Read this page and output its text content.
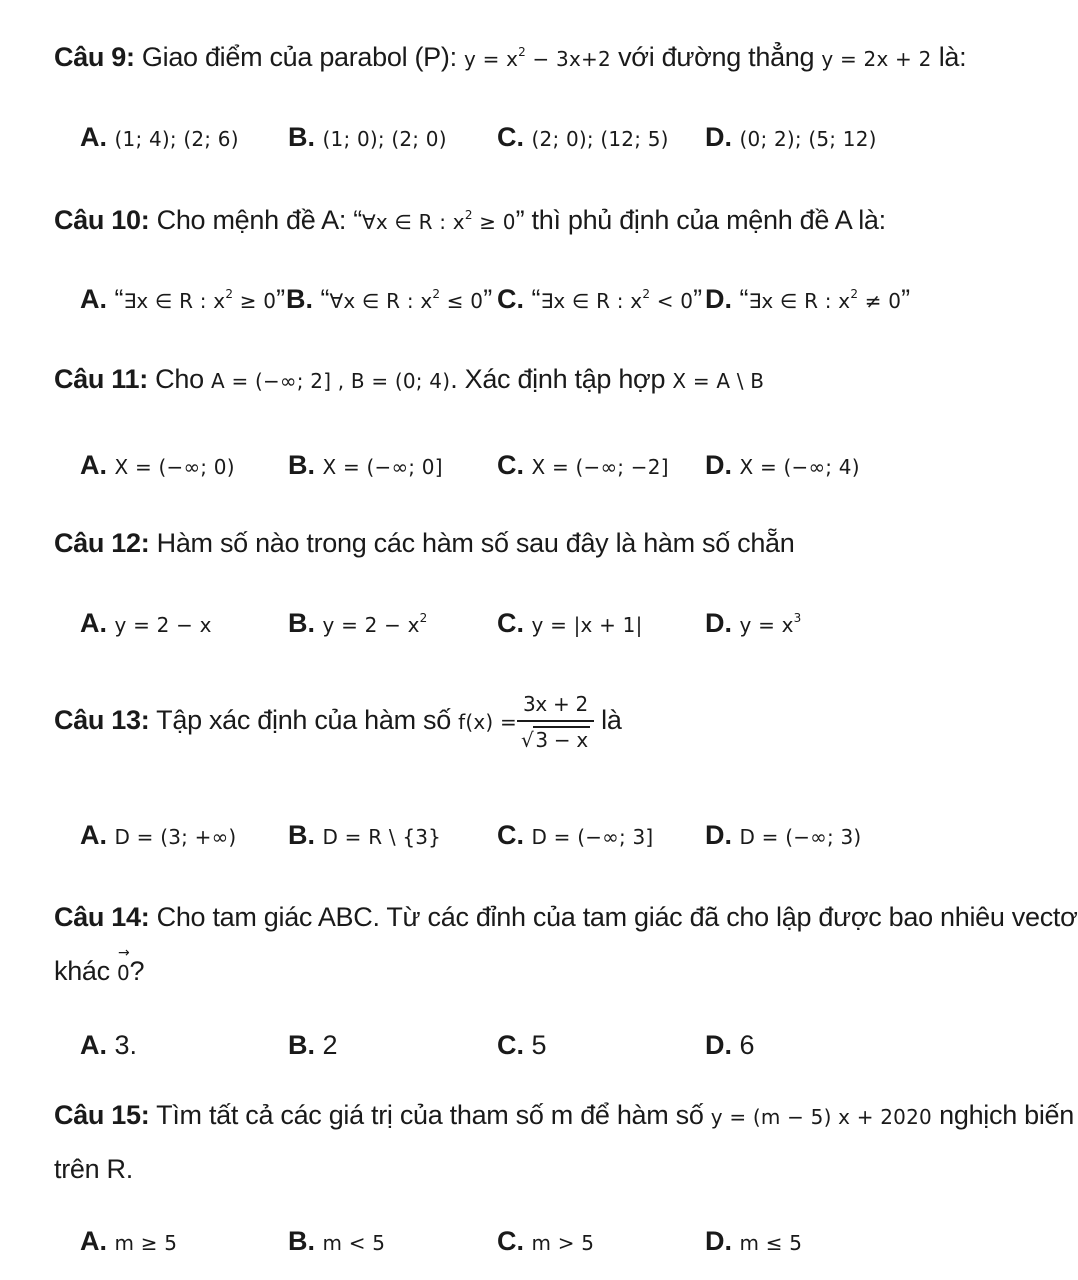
Câu 9: Giao điểm của parabol (P): $y = x^2 - 3x+2$ với đường thẳng y = 2x + 2 là:
A. (1; 4); (2; 6) B. (1; 0); (2; 0) C. (2; 0); (12; 5) D. (0; 2); (5; 12)
Câu 10: Cho mệnh đề A: “∀x ∈ R : $x^2 \ge 0$” thì phủ định của mệnh đề A là:
A. “∃x ∈ R : $x^2 \ge 0$” B. “∀x ∈ R : $x^2 \le 0$” C. “∃x ∈ R : $x^2 < 0$” D. “∃x ∈ R : $x^2 \ne 0$”
Câu 11: Cho A = (−∞; 2] , B = (0; 4). Xác định tập hợp X = A \ B
A. X = (−∞; 0) B. X = (−∞; 0] C. X = (−∞; −2] D. X = (−∞; 4)
Câu 12: Hàm số nào trong các hàm số sau đây là hàm số chẵn
A. y = 2 − x	B. $y = 2 - x^2$	C. y = |x + 1| D. $y = x^3$
Câu 13: Tập xác định của hàm số $f(x) = \frac{3x + 2}{√ 3 - x}$ là
A. D = (3; +∞) B. D = R \ {3} C. D = (−∞; 3] D. D = (−∞; 3)
Câu 14: Cho tam giác ABC. Từ các đỉnh của tam giác đã cho lập được bao nhiêu vectơ
khác
→
0?
A. 3.	B. 2	C. 5	D. 6
Câu 15: Tìm tất cả các giá trị của tham số m để hàm số y = (m − 5) x + 2020 nghịch biến
trên R.
A. m ≥ 5	B. m < 5	C. m > 5	D. m ≤ 5
